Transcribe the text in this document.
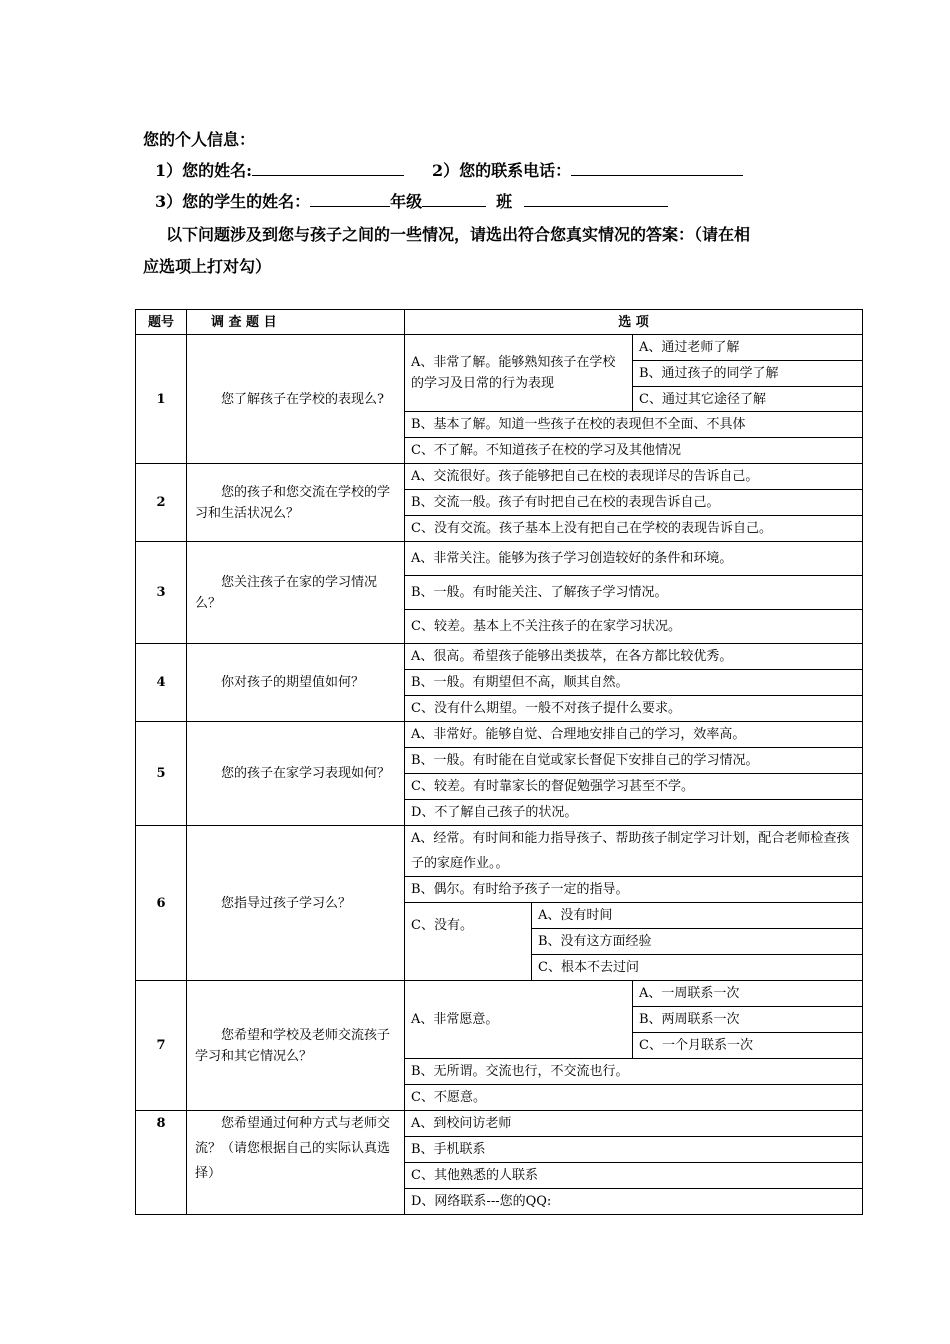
您的个人信息：
1）您的姓名:	2）您的联系电话：
3）您的学生的姓名：	年级	班
以下问题涉及到您与孩子之间的一些情况，请选出符合您真实情况的答案：（请在相
应选项上打对勾）
题号	调 查 题 目	选 项		
1	您了解孩子在学校的表现么?	A、非常了解。能够熟知孩子在学校的学习及日常的行为表现		A、通过老师了解
				B、通过孩子的同学了解
				C、通过其它途径了解
		B、基本了解。知道一些孩子在校的表现但不全面、不具体		
		C、不了解。不知道孩子在校的学习及其他情况		
2	您的孩子和您交流在学校的学习和生活状况么？	A、交流很好。孩子能够把自己在校的表现详尽的告诉自己。		
		B、交流一般。孩子有时把自己在校的表现告诉自己。		
		C、没有交流。孩子基本上没有把自己在学校的表现告诉自己。		
3	您关注孩子在家的学习情况么？	A、非常关注。能够为孩子学习创造较好的条件和环境。		
		B、一般。有时能关注、了解孩子学习情况。		
		C、较差。基本上不关注孩子的在家学习状况。		
4	你对孩子的期望值如何？	A、很高。希望孩子能够出类拔萃，在各方都比较优秀。		
		B、一般。有期望但不高，顺其自然。		
		C、没有什么期望。一般不对孩子提什么要求。		
5	您的孩子在家学习表现如何？	A、非常好。能够自觉、合理地安排自己的学习，效率高。		
		B、一般。有时能在自觉或家长督促下安排自己的学习情况。		
		C、较差。有时靠家长的督促勉强学习甚至不学。		
		D、不了解自己孩子的状况。		
6	您指导过孩子学习么？	A、经常。有时间和能力指导孩子、帮助孩子制定学习计划，配合老师检查孩子的家庭作业。。		
		B、偶尔。有时给予孩子一定的指导。		
		C、没有。	A、没有时间	
			B、没有这方面经验	
			C、根本不去过问	
7	您希望和学校及老师交流孩子学习和其它情况么？	A、非常愿意。		A、一周联系一次
				B、两周联系一次
				C、一个月联系一次
		B、无所谓。交流也行，不交流也行。		
		C、不愿意。		
8	您希望通过何种方式与老师交流？（请您根据自己的实际认真选择）	A、到校问访老师		
		B、手机联系		
		C、其他熟悉的人联系		
		D、网络联系---您的QQ:		
